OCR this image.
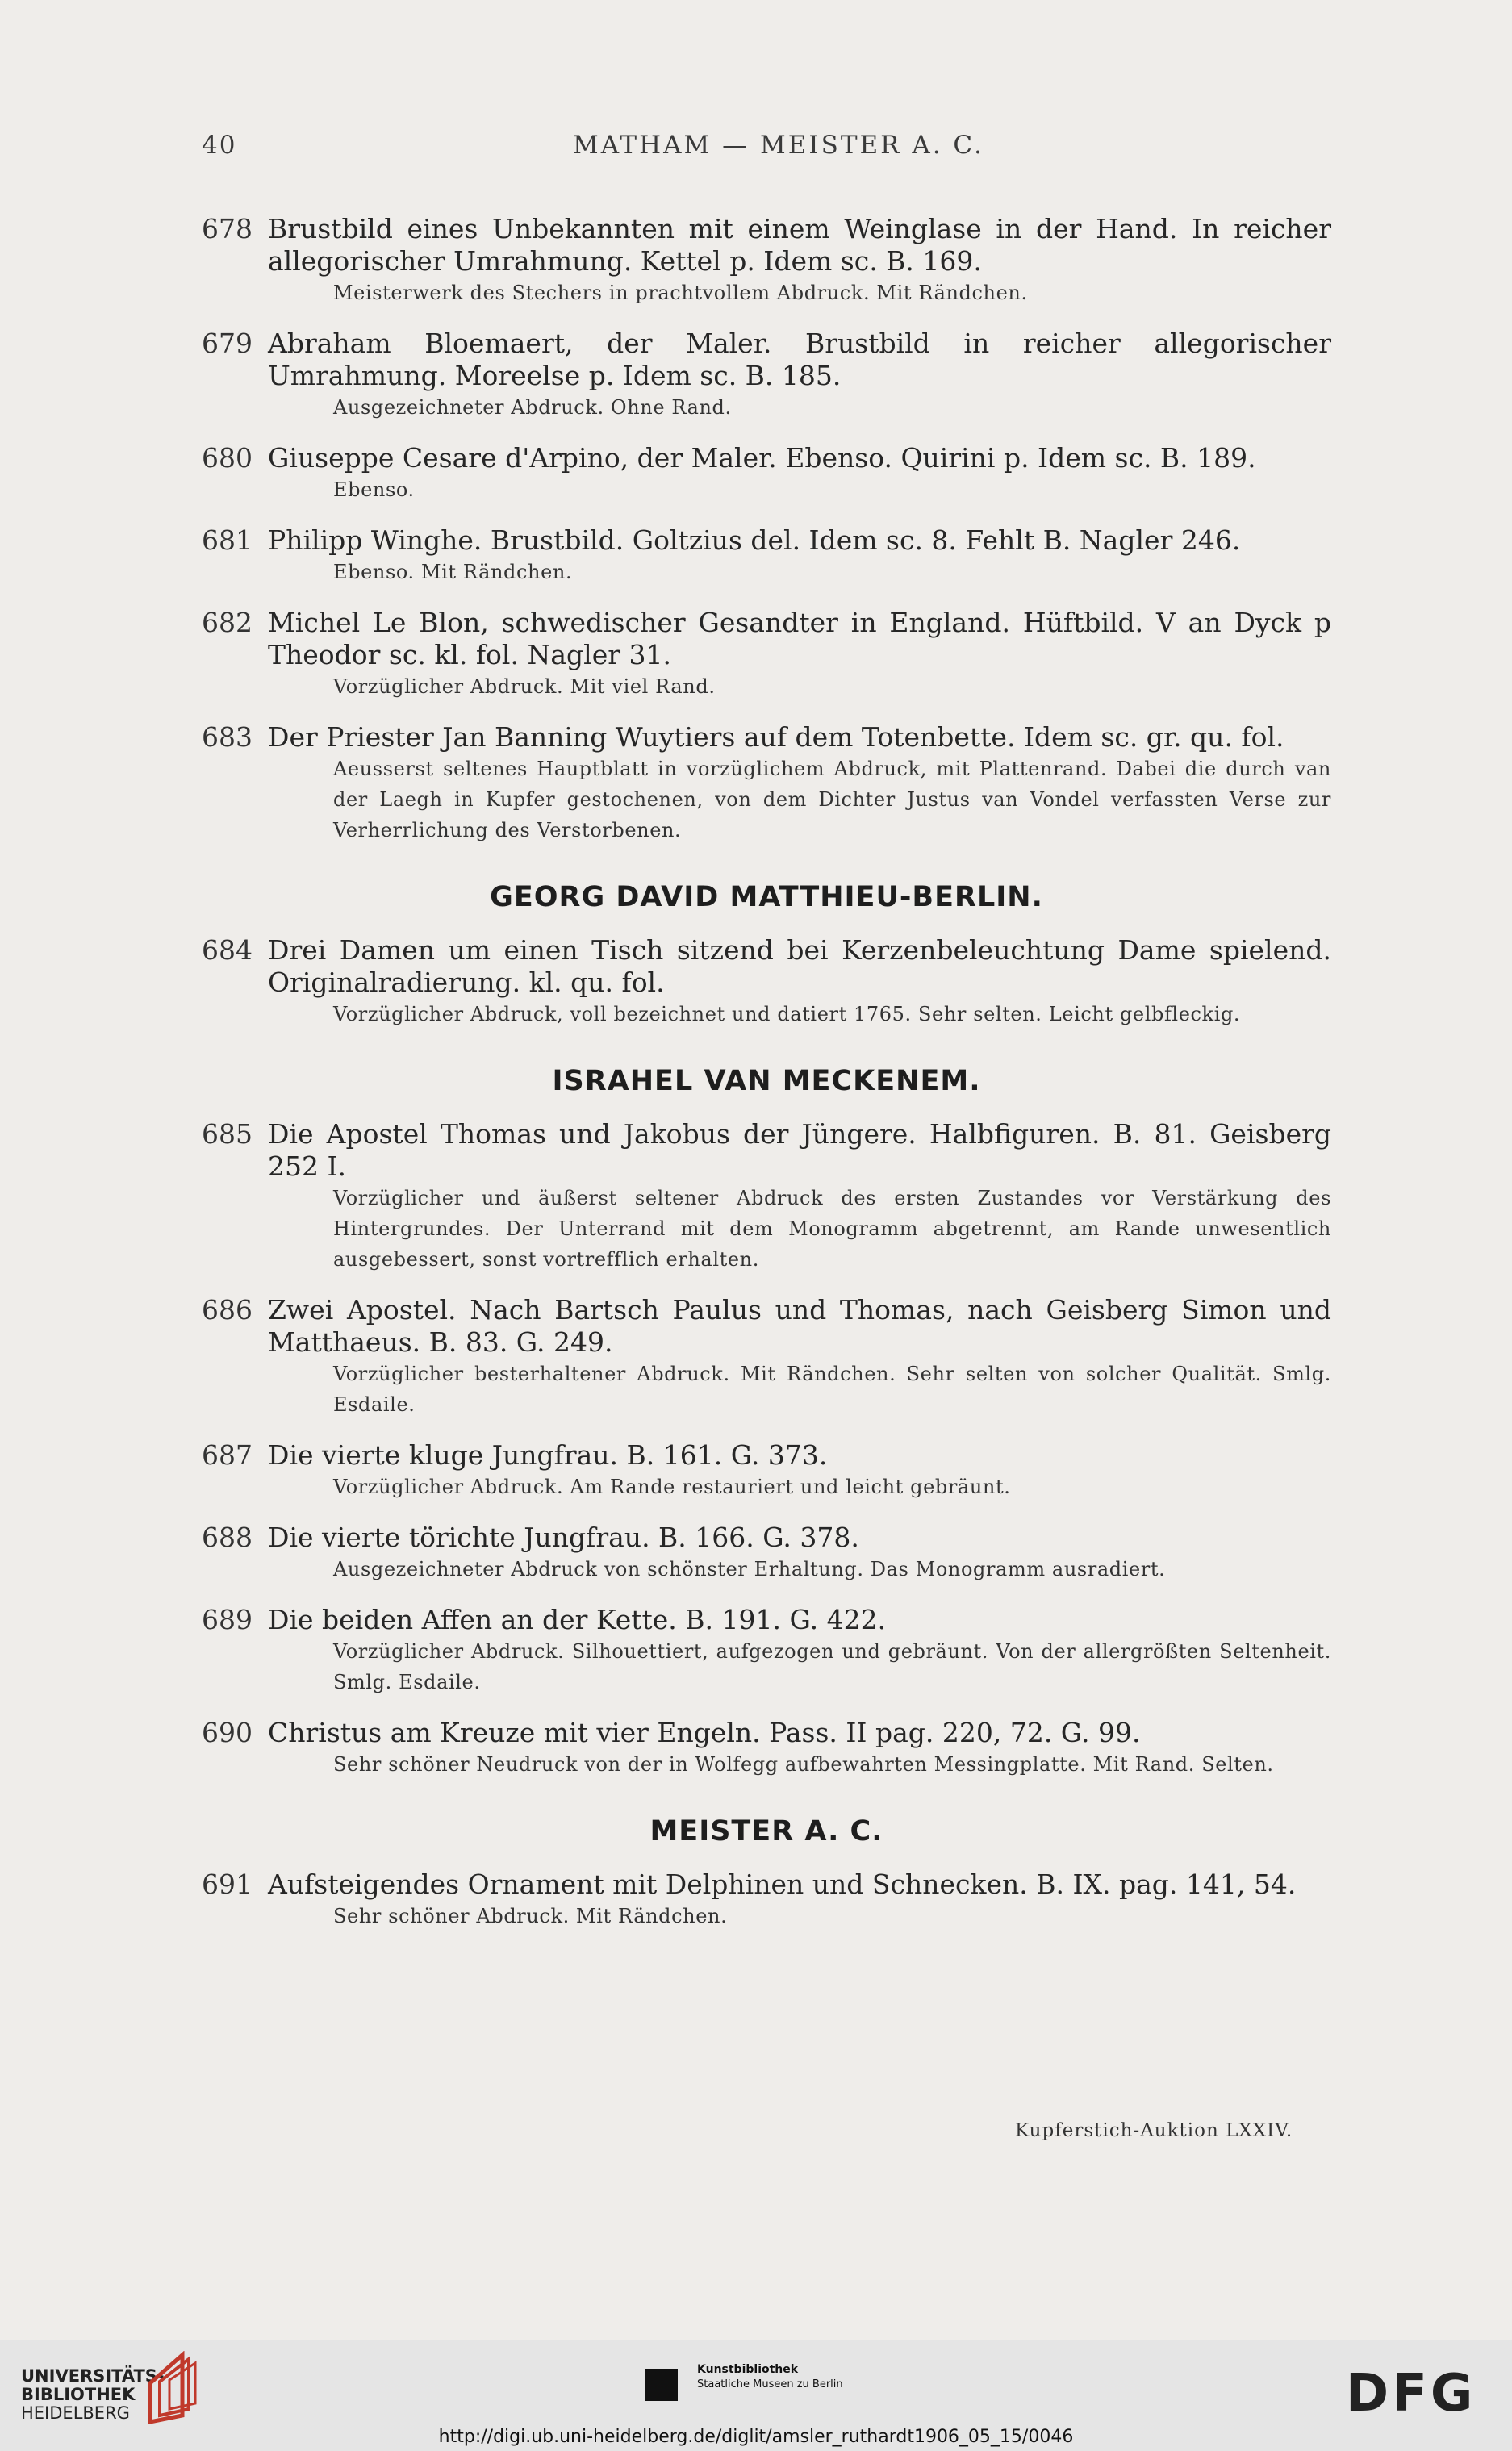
40	MATHAM — MEISTER A. C.
678 Brustbild eines Unbekannten mit einem Weinglase in der Hand. In reicher allegorischer Umrahmung. Kettel p. Idem sc. B. 169.
Meisterwerk des Stechers in prachtvollem Abdruck. Mit Rändchen.
679 Abraham Bloemaert, der Maler. Brustbild in reicher allegorischer Umrahmung. Moreelse p. Idem sc. B. 185.
Ausgezeichneter Abdruck. Ohne Rand.
680 Giuseppe Cesare d'Arpino, der Maler. Ebenso. Quirini p. Idem sc. B. 189.
Ebenso.
681 Philipp Winghe. Brustbild. Goltzius del. Idem sc. 8. Fehlt B. Nagler 246.
Ebenso. Mit Rändchen.
682 Michel Le Blon, schwedischer Gesandter in England. Hüftbild. V an Dyck p Theodor sc. kl. fol. Nagler 31.
Vorzüglicher Abdruck. Mit viel Rand.
683 Der Priester Jan Banning Wuytiers auf dem Totenbette. Idem sc. gr. qu. fol.
Aeusserst seltenes Hauptblatt in vorzüglichem Abdruck, mit Plattenrand. Dabei die durch van der Laegh in Kupfer gestochenen, von dem Dichter Justus van Vondel verfassten Verse zur Verherrlichung des Verstorbenen.
GEORG DAVID MATTHIEU-BERLIN.
684 Drei Damen um einen Tisch sitzend bei Kerzenbeleuchtung Dame spielend. Originalradierung. kl. qu. fol.
Vorzüglicher Abdruck, voll bezeichnet und datiert 1765. Sehr selten. Leicht gelbfleckig.
ISRAHEL VAN MECKENEM.
685 Die Apostel Thomas und Jakobus der Jüngere. Halbfiguren. B. 81. Geisberg 252 I.
Vorzüglicher und äußerst seltener Abdruck des ersten Zustandes vor Verstärkung des Hintergrundes. Der Unterrand mit dem Monogramm abgetrennt, am Rande unwesentlich ausgebessert, sonst vortrefflich erhalten.
686 Zwei Apostel. Nach Bartsch Paulus und Thomas, nach Geisberg Simon und Matthaeus. B. 83. G. 249.
Vorzüglicher besterhaltener Abdruck. Mit Rändchen. Sehr selten von solcher Qualität. Smlg. Esdaile.
687 Die vierte kluge Jungfrau. B. 161. G. 373.
Vorzüglicher Abdruck. Am Rande restauriert und leicht gebräunt.
688 Die vierte törichte Jungfrau. B. 166. G. 378.
Ausgezeichneter Abdruck von schönster Erhaltung. Das Monogramm ausradiert.
689 Die beiden Affen an der Kette. B. 191. G. 422.
Vorzüglicher Abdruck. Silhouettiert, aufgezogen und gebräunt. Von der allergrößten Seltenheit. Smlg. Esdaile.
690 Christus am Kreuze mit vier Engeln. Pass. II pag. 220, 72. G. 99.
Sehr schöner Neudruck von der in Wolfegg aufbewahrten Messingplatte. Mit Rand. Selten.
MEISTER A. C.
691 Aufsteigendes Ornament mit Delphinen und Schnecken. B. IX. pag. 141, 54.
Sehr schöner Abdruck. Mit Rändchen.
Kupferstich-Auktion LXXIV.
UNIVERSITÄTS-
BIBLIOTHEK
HEIDELBERG
Kunstbibliothek
Staatliche Museen zu Berlin	DFG
http://digi.ub.uni-heidelberg.de/diglit/amsler_ruthardt1906_05_15/0046
